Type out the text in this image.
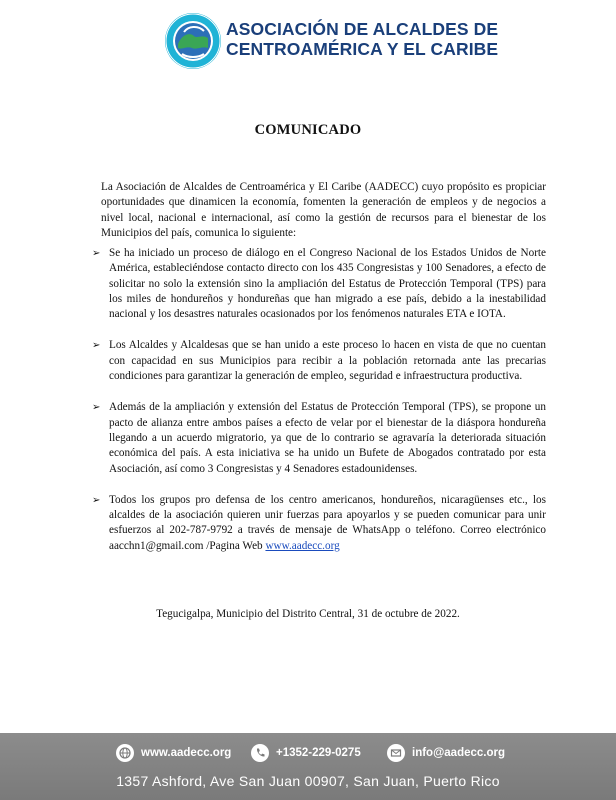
ASOCIACIÓN DE ALCALDES DE
CENTROAMÉRICA Y EL CARIBE
COMUNICADO
La Asociación de Alcaldes de Centroamérica y El Caribe (AADECC) cuyo propósito es propiciar oportunidades que dinamicen la economía, fomenten la generación de empleos y de negocios a nivel local, nacional e internacional, así como la gestión de recursos para el bienestar de los Municipios del país, comunica lo siguiente:
➢ Se ha iniciado un proceso de diálogo en el Congreso Nacional de los Estados Unidos de Norte América, estableciéndose contacto directo con los 435 Congresistas y 100 Senadores, a efecto de solicitar no solo la extensión sino la ampliación del Estatus de Protección Temporal (TPS) para los miles de hondureños y hondureñas que han migrado a ese país, debido a la inestabilidad nacional y los desastres naturales ocasionados por los fenómenos naturales ETA e IOTA.
➢ Los Alcaldes y Alcaldesas que se han unido a este proceso lo hacen en vista de que no cuentan con capacidad en sus Municipios para recibir a la población retornada ante las precarias condiciones para garantizar la generación de empleo, seguridad e infraestructura productiva.
➢ Además de la ampliación y extensión del Estatus de Protección Temporal (TPS), se propone un pacto de alianza entre ambos países a efecto de velar por el bienestar de la diáspora hondureña llegando a un acuerdo migratorio, ya que de lo contrario se agravaría la deteriorada situación económica del país. A esta iniciativa se ha unido un Bufete de Abogados contratado por esta Asociación, así como 3 Congresistas y 4 Senadores estadounidenses.
➢ Todos los grupos pro defensa de los centro americanos, hondureños, nicaragüenses etc., los alcaldes de la asociación quieren unir fuerzas para apoyarlos y se pueden comunicar para unir esfuerzos al 202-787-9792 a través de mensaje de WhatsApp o teléfono. Correo electrónico aacchn1@gmail.com /Pagina Web www.aadecc.org
Tegucigalpa, Municipio del Distrito Central, 31 de octubre de 2022.
www.aadecc.org	+1352-229-0275	info@aadecc.org
1357 Ashford, Ave San Juan 00907, San Juan, Puerto Rico
